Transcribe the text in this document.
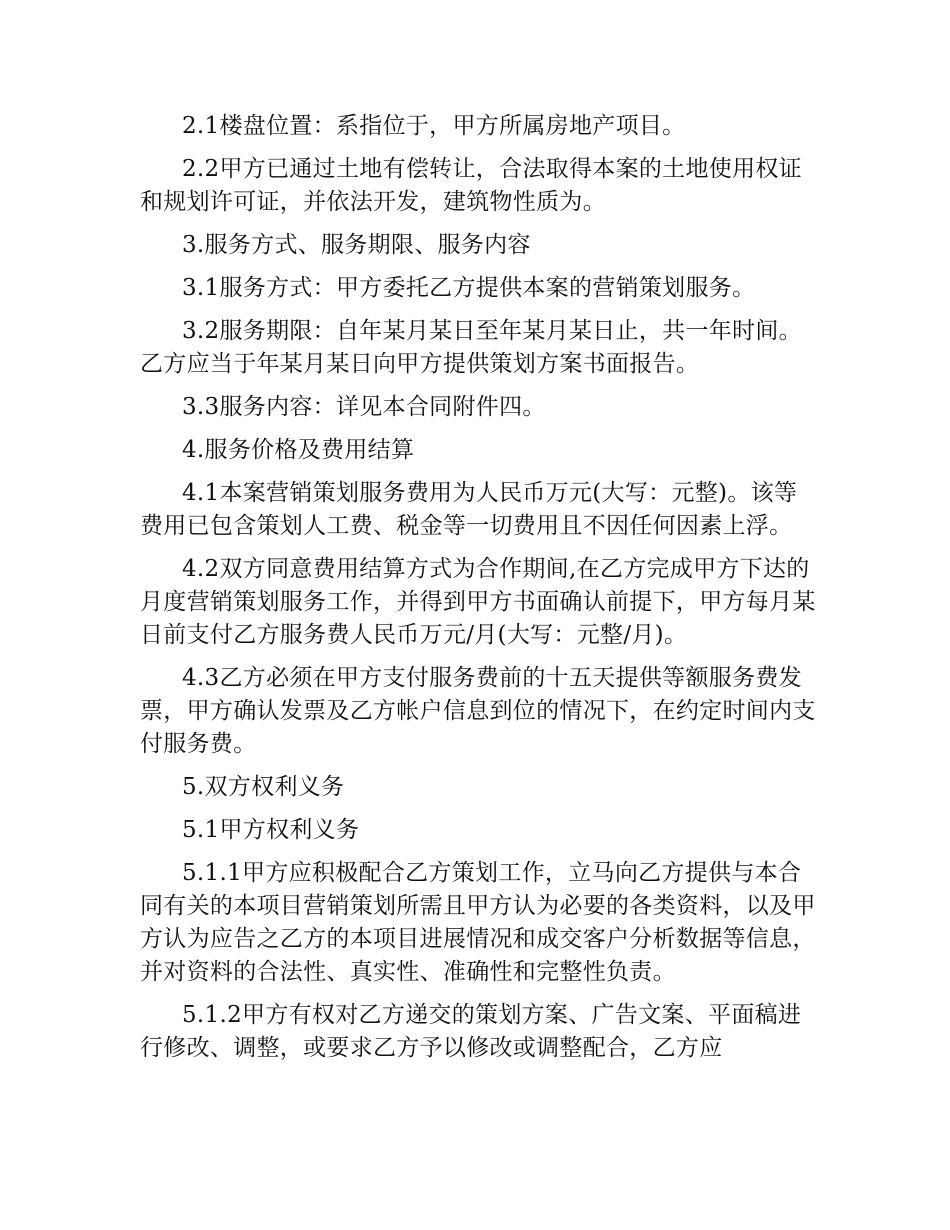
2.1楼盘位置：系指位于，甲方所属房地产项目。

2.2甲方已通过土地有偿转让，合法取得本案的土地使用权证和规划许可证，并依法开发，建筑物性质为。

3.服务方式、服务期限、服务内容

3.1服务方式：甲方委托乙方提供本案的营销策划服务。

3.2服务期限：自年某月某日至年某月某日止，共一年时间。乙方应当于年某月某日向甲方提供策划方案书面报告。

3.3服务内容：详见本合同附件四。

4.服务价格及费用结算

4.1本案营销策划服务费用为人民币万元(大写：元整)。该等费用已包含策划人工费、税金等一切费用且不因任何因素上浮。

4.2双方同意费用结算方式为合作期间,在乙方完成甲方下达的月度营销策划服务工作，并得到甲方书面确认前提下，甲方每月某日前支付乙方服务费人民币万元/月(大写：元整/月)。

4.3乙方必须在甲方支付服务费前的十五天提供等额服务费发票，甲方确认发票及乙方帐户信息到位的情况下，在约定时间内支付服务费。

5.双方权利义务

5.1甲方权利义务

5.1.1甲方应积极配合乙方策划工作，立马向乙方提供与本合同有关的本项目营销策划所需且甲方认为必要的各类资料，以及甲方认为应告之乙方的本项目进展情况和成交客户分析数据等信息，并对资料的合法性、真实性、准确性和完整性负责。

5.1.2甲方有权对乙方递交的策划方案、广告文案、平面稿进行修改、调整，或要求乙方予以修改或调整配合，乙方应
